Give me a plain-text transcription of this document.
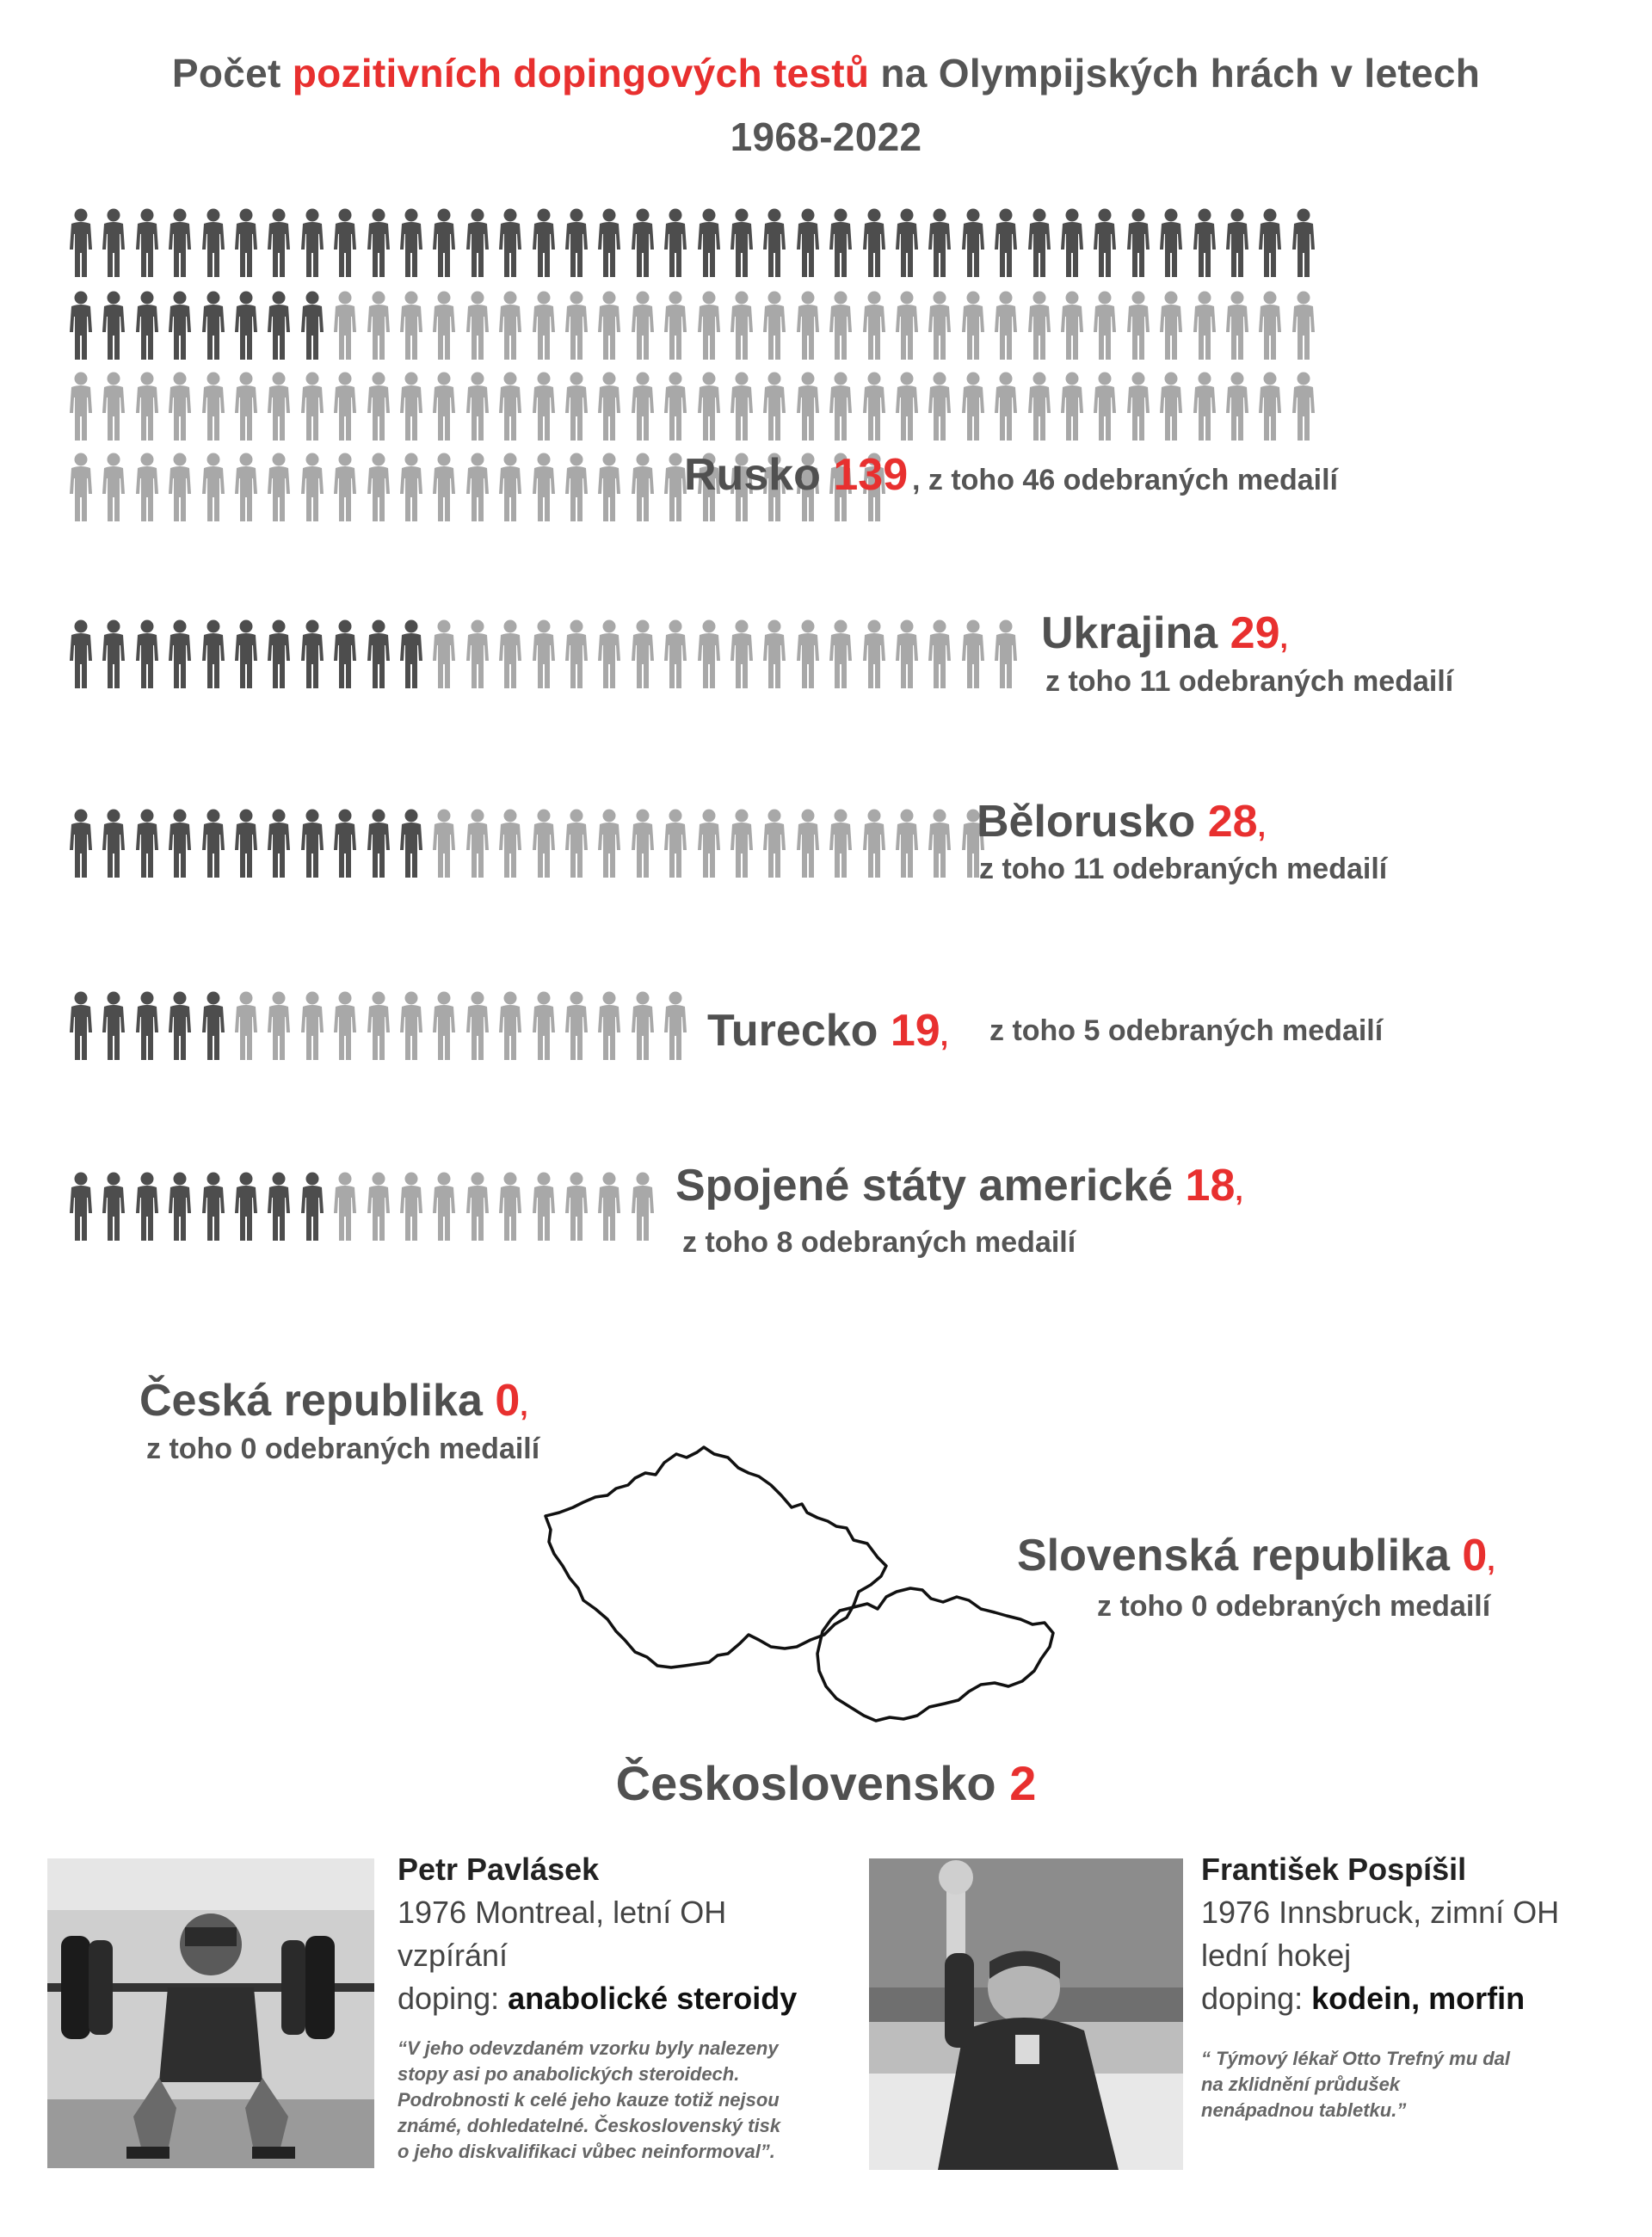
Počet pozitivních dopingových testů na Olympijských hrách v letech
1968-2022
Rusko 139 , z toho 46 odebraných medailí
Ukrajina 29,
z toho 11 odebraných medailí
Bělorusko 28,
z toho 11 odebraných medailí
Turecko 19, z toho 5 odebraných medailí
Spojené státy americké 18,
z toho 8 odebraných medailí
Česká republika 0,
z toho 0 odebraných medailí
Slovenská republika 0,
z toho 0 odebraných medailí
Československo 2
Petr Pavlásek
1976 Montreal, letní OH
vzpírání
doping: anabolické steroidy
“V jeho odevzdaném vzorku byly nalezeny
stopy asi po anabolických steroidech.
Podrobnosti k celé jeho kauze totiž nejsou
známé, dohledatelné. Československý tisk
o jeho diskvalifikaci vůbec neinformoval”.
František Pospíšil
1976 Innsbruck, zimní OH
lední hokej
doping: kodein, morfin
“ Týmový lékař Otto Trefný mu dal
na zklidnění průdušek
nenápadnou tabletku.”
